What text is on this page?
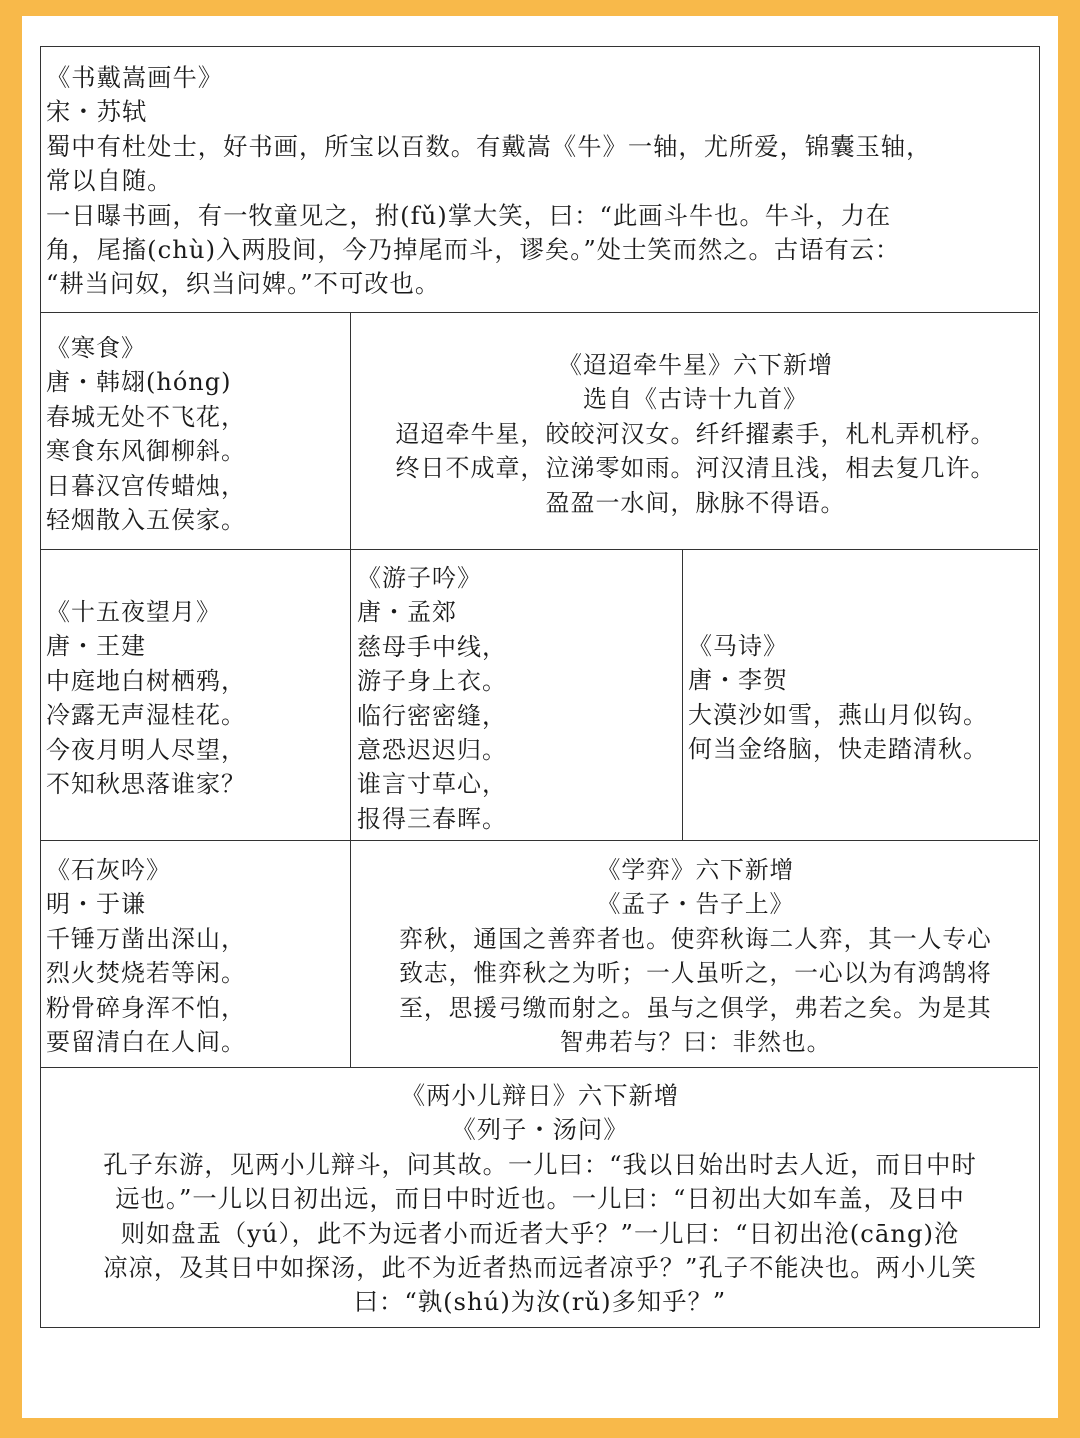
《书戴嵩画牛》
宋・苏轼
蜀中有杜处士，好书画，所宝以百数。有戴嵩《牛》一轴，尤所爱，锦囊玉轴，
常以自随。
一日曝书画，有一牧童见之，拊(fǔ)掌大笑，曰：“此画斗牛也。牛斗，力在
角，尾搐(chù)入两股间，今乃掉尾而斗，谬矣。”处士笑而然之。古语有云：
“耕当问奴，织当问婢。”不可改也。
《寒食》
唐・韩翃(hóng)
春城无处不飞花，
寒食东风御柳斜。
日暮汉宫传蜡烛，
轻烟散入五侯家。
《迢迢牵牛星》六下新增
选自《古诗十九首》
迢迢牵牛星，皎皎河汉女。纤纤擢素手，札札弄机杼。
终日不成章，泣涕零如雨。河汉清且浅，相去复几许。
盈盈一水间，脉脉不得语。
《十五夜望月》
唐・王建
中庭地白树栖鸦，
冷露无声湿桂花。
今夜月明人尽望，
不知秋思落谁家？
《游子吟》
唐・孟郊
慈母手中线，
游子身上衣。
临行密密缝，
意恐迟迟归。
谁言寸草心，
报得三春晖。
《马诗》
唐・李贺
大漠沙如雪，燕山月似钩。
何当金络脑，快走踏清秋。
《石灰吟》
明・于谦
千锤万凿出深山，
烈火焚烧若等闲。
粉骨碎身浑不怕，
要留清白在人间。
《学弈》六下新增
《孟子・告子上》
弈秋，通国之善弈者也。使弈秋诲二人弈，其一人专心
致志，惟弈秋之为听；一人虽听之，一心以为有鸿鹄将
至，思援弓缴而射之。虽与之俱学，弗若之矣。为是其
智弗若与？曰：非然也。
《两小儿辩日》六下新增
《列子・汤问》
孔子东游，见两小儿辩斗，问其故。一儿曰：“我以日始出时去人近，而日中时
远也。”一儿以日初出远，而日中时近也。一儿曰：“日初出大如车盖，及日中
则如盘盂（yú），此不为远者小而近者大乎？”一儿曰：“日初出沧(cāng)沧
凉凉，及其日中如探汤，此不为近者热而远者凉乎？”孔子不能决也。两小儿笑
曰：“孰(shú)为汝(rǔ)多知乎？”
